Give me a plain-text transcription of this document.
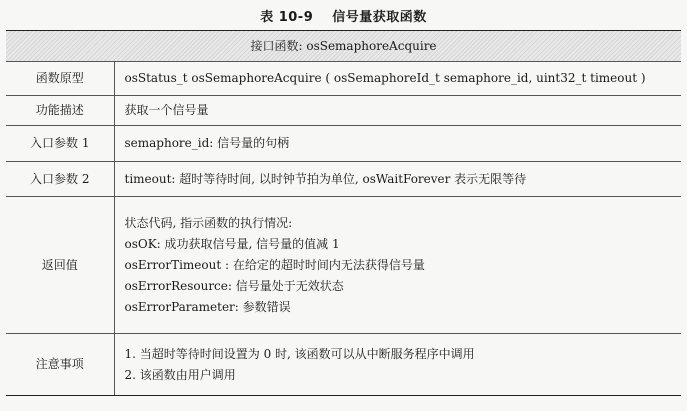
表 10-9 信号量获取函数
接口函数: osSemaphoreAcquire	
函数原型	osStatus_t osSemaphoreAcquire ( osSemaphoreId_t semaphore_id, uint32_t timeout )
功能描述	获取一个信号量
入口参数 1	semaphore_id: 信号量的句柄
入口参数 2	timeout: 超时等待时间, 以时钟节拍为单位, osWaitForever 表示无限等待
返回值	状态代码, 指示函数的执行情况:
osOK: 成功获取信号量, 信号量的值减 1
osErrorTimeout : 在给定的超时时间内无法获得信号量
osErrorResource: 信号量处于无效状态
osErrorParameter: 参数错误

注意事项	1. 当超时等待时间设置为 0 时, 该函数可以从中断服务程序中调用
2. 该函数由用户调用
